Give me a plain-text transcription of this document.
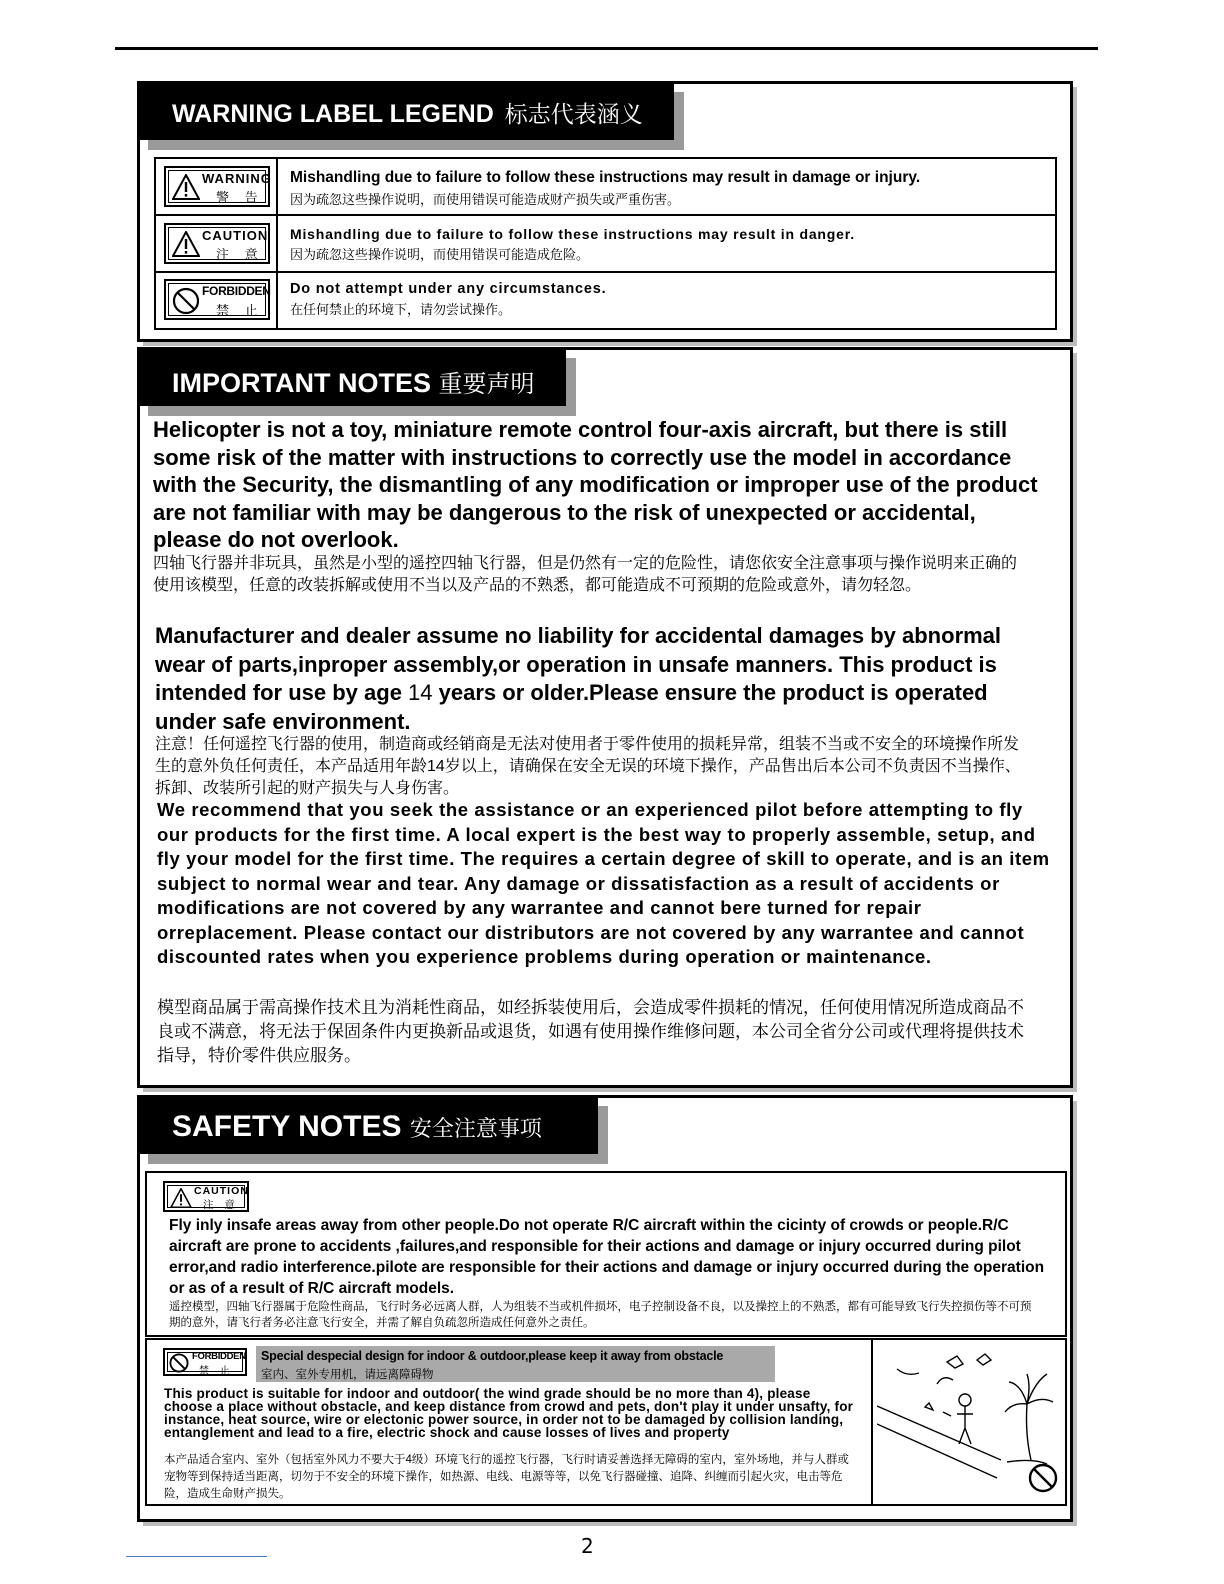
WARNING LABEL LEGEND 标志代表涵义
WARNING
警 告
Mishandling due to failure to follow these instructions may result in damage or injury.
因为疏忽这些操作说明，而使用错误可能造成财产损失或严重伤害。
CAUTION
注 意
Mishandling due to failure to follow these instructions may result in danger.
因为疏忽这些操作说明，而使用错误可能造成危险。
FORBIDDEN
禁 止
Do not attempt under any circumstances.
在任何禁止的环境下，请勿尝试操作。
IMPORTANT NOTES 重要声明
Helicopter is not a toy, miniature remote control four-axis aircraft, but there is still some risk of the matter with instructions to correctly use the model in accordance with the Security, the dismantling of any modification or improper use of the product are not familiar with may be dangerous to the risk of unexpected or accidental, please do not overlook.
四轴飞行器并非玩具，虽然是小型的遥控四轴飞行器，但是仍然有一定的危险性，请您依安全注意事项与操作说明来正确的使用该模型，任意的改装拆解或使用不当以及产品的不熟悉，都可能造成不可预期的危险或意外，请勿轻忽。
Manufacturer and dealer assume no liability for accidental damages by abnormal wear of parts,inproper assembly,or operation in unsafe manners. This product is intended for use by age 14 years or older.Please ensure the product is operated under safe environment.
注意！任何遥控飞行器的使用，制造商或经销商是无法对使用者于零件使用的损耗异常，组装不当或不安全的环境操作所发生的意外负任何责任，本产品适用年龄14岁以上，请确保在安全无误的环境下操作，产品售出后本公司不负责因不当操作、拆卸、改装所引起的财产损失与人身伤害。
We recommend that you seek the assistance or an experienced pilot before attempting to fly our products for the first time. A local expert is the best way to properly assemble, setup, and fly your model for the first time. The requires a certain degree of skill to operate, and is an item subject to normal wear and tear. Any damage or dissatisfaction as a result of accidents or modifications are not covered by any warrantee and cannot bere turned for repair orreplacement. Please contact our distributors are not covered by any warrantee and cannot discounted rates when you experience problems during operation or maintenance.
模型商品属于需高操作技术且为消耗性商品，如经拆装使用后，会造成零件损耗的情况，任何使用情况所造成商品不良或不满意，将无法于保固条件内更换新品或退货，如遇有使用操作维修问题，本公司全省分公司或代理将提供技术指导，特价零件供应服务。
SAFETY NOTES 安全注意事项
CAUTION
注 意
Fly inly insafe areas away from other people.Do not operate R/C aircraft within the cicinty of crowds or people.R/C aircraft are prone to accidents ,failures,and responsible for their actions and damage or injury occurred during pilot error,and radio interference.pilote are responsible for their actions and damage or injury occurred during the operation or as of a result of R/C aircraft models.
遥控模型，四轴飞行器属于危险性商品，飞行时务必远离人群，人为组装不当或机件损坏，电子控制设备不良，以及操控上的不熟悉，都有可能导致飞行失控损伤等不可预期的意外，请飞行者务必注意飞行安全，并需了解自负疏忽所造成任何意外之责任。
FORBIDDEN
禁 止
Special despecial design for indoor & outdoor,please keep it away from obstacle
室内、室外专用机，请远离障碍物
This product is suitable for indoor and outdoor( the wind grade should be no more than 4), please choose a place without obstacle, and keep distance from crowd and pets, don't play it under unsafty, for instance, heat source, wire or electonic power source, in order not to be damaged by collision landing, entanglement and lead to a fire, electric shock and cause losses of lives and property
本产品适合室内、室外（包括室外风力不要大于4级）环境飞行的遥控飞行器，飞行时请妥善选择无障碍的室内，室外场地，并与人群或宠物等到保持适当距离，切勿于不安全的环境下操作，如热源、电线、电源等等，以免飞行器碰撞、追降、纠缠而引起火灾，电击等危险，造成生命财产损失。
2
